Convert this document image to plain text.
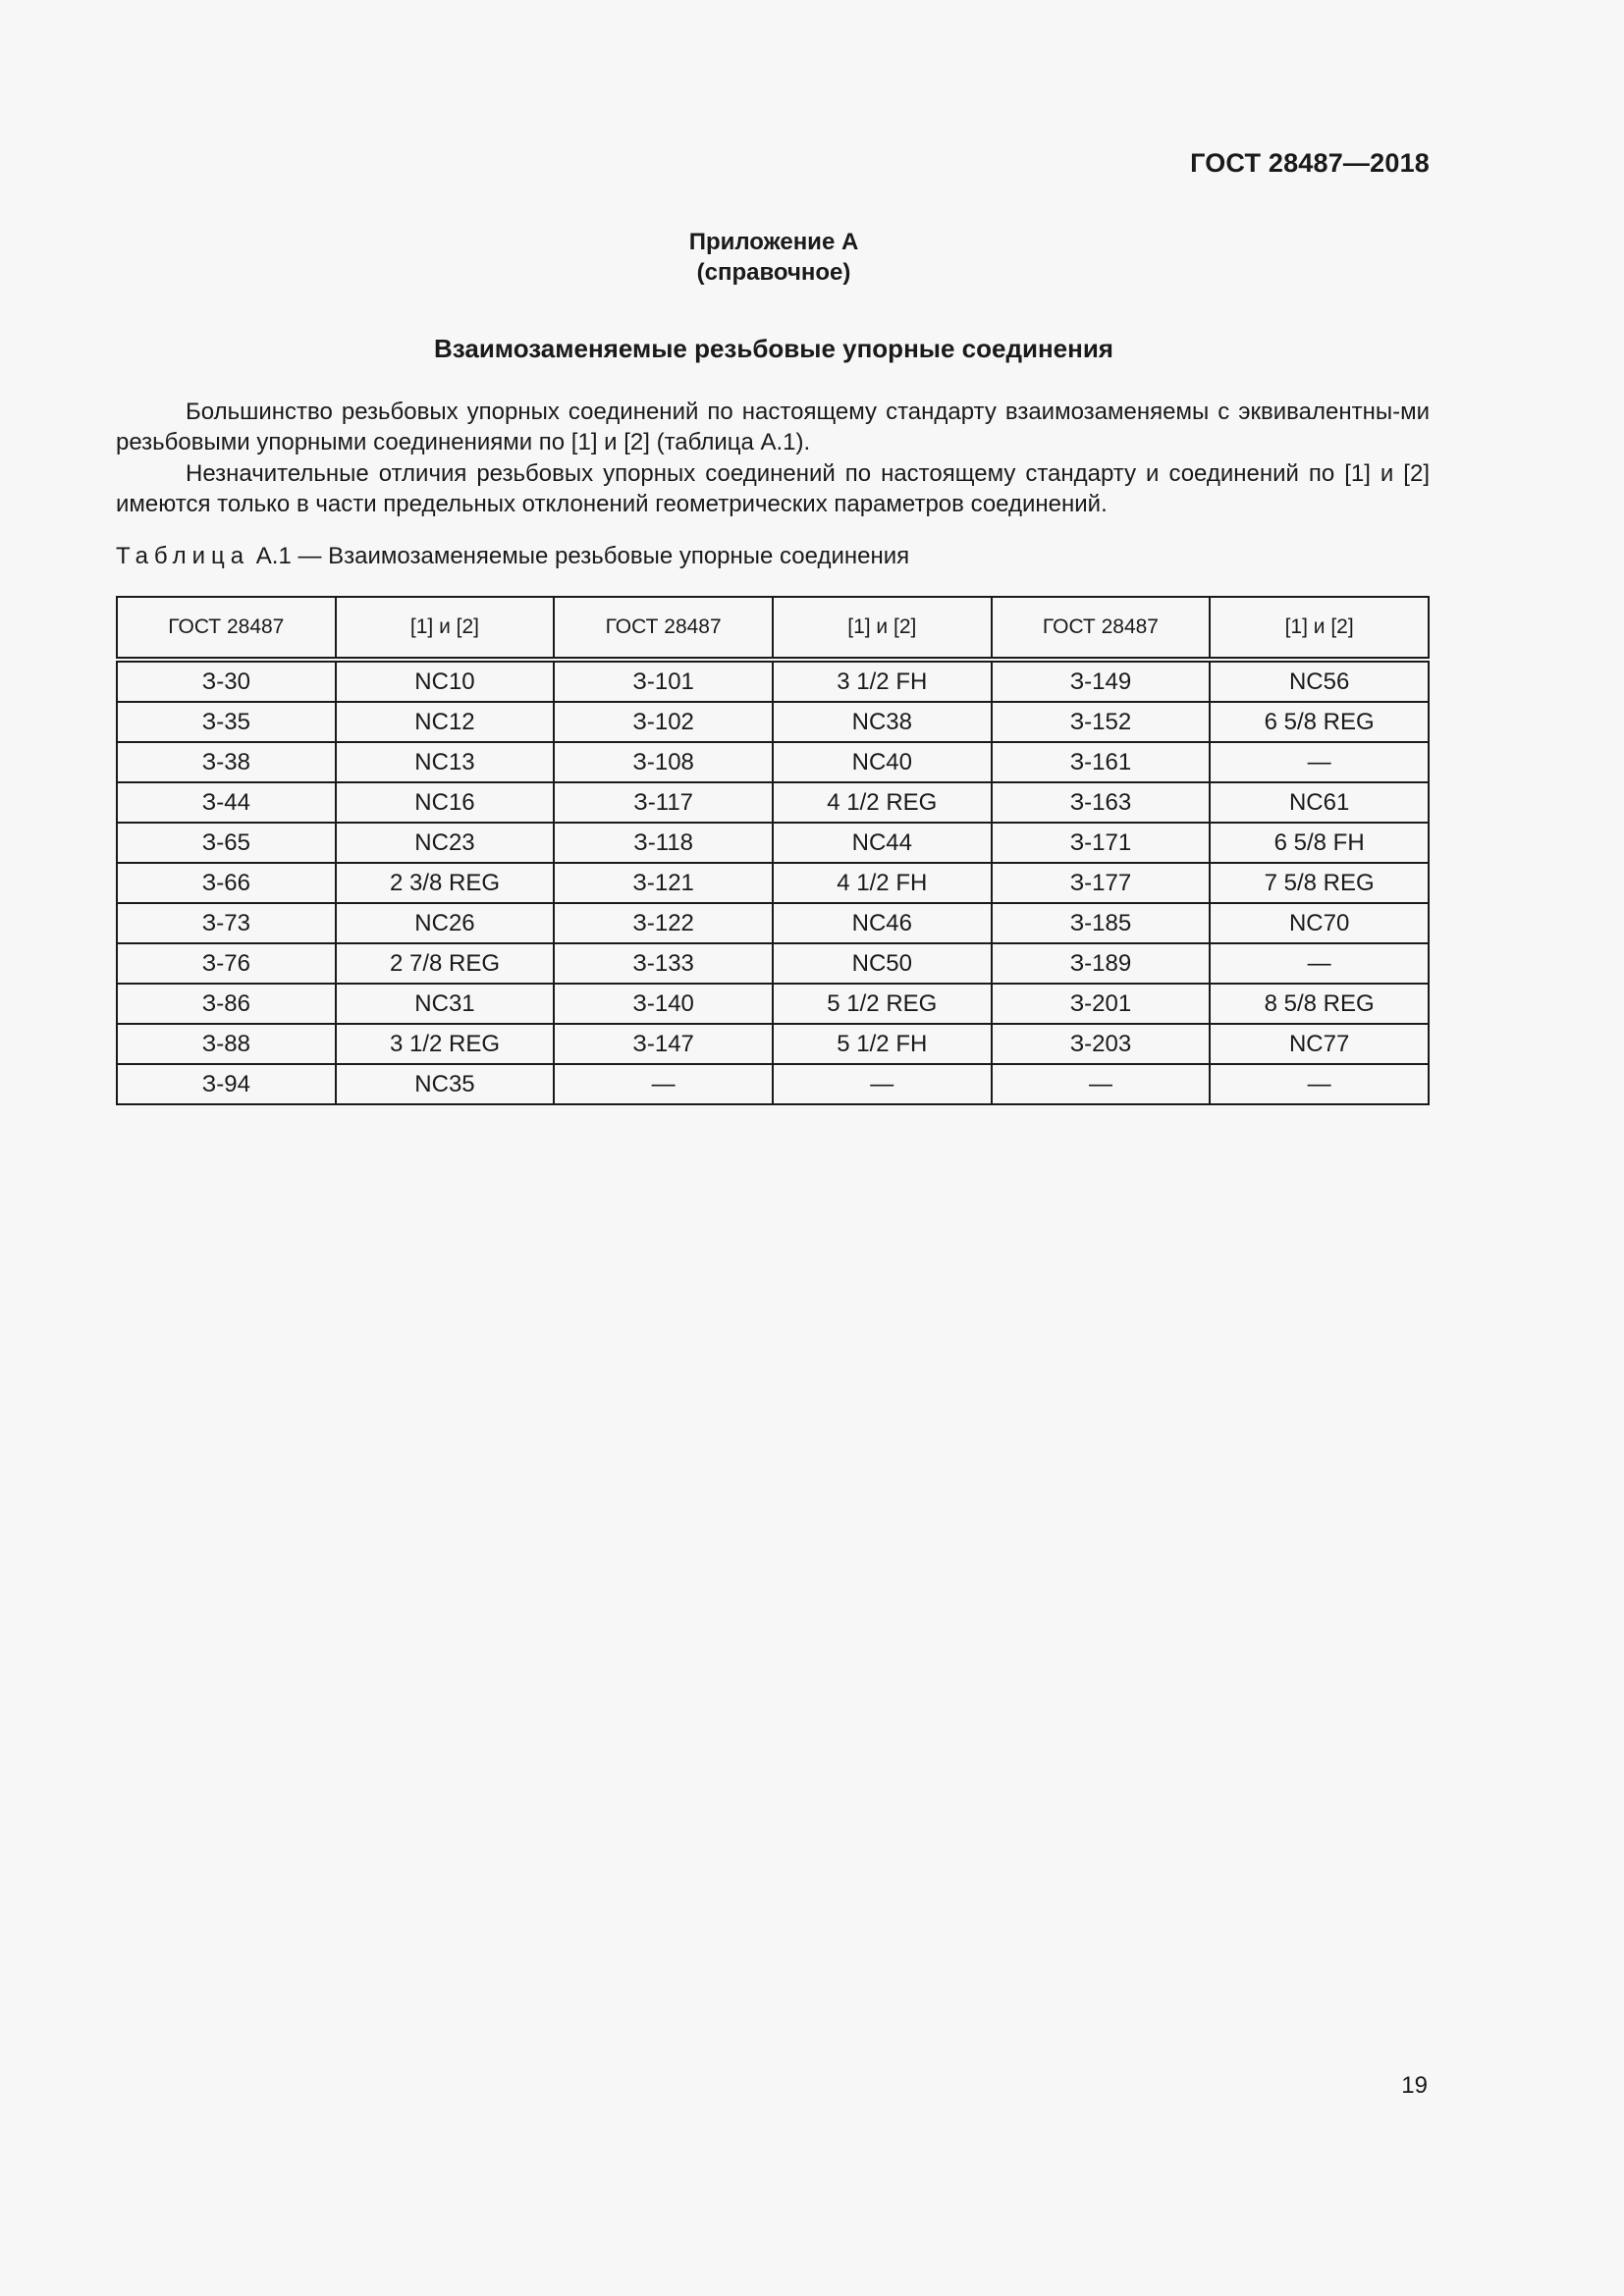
ГОСТ 28487—2018
Приложение А
(справочное)
Взаимозаменяемые резьбовые упорные соединения

Большинство резьбовых упорных соединений по настоящему стандарту взаимозаменяемы с эквивалентны-ми резьбовыми упорными соединениями по [1] и [2] (таблица А.1).

Незначительные отличия резьбовых упорных соединений по настоящему стандарту и соединений по [1] и [2] имеются только в части предельных отклонений геометрических параметров соединений.

Таблица А.1 — Взаимозаменяемые резьбовые упорные соединения
ГОСТ 28487	[1] и [2]	ГОСТ 28487	[1] и [2]	ГОСТ 28487	[1] и [2]
З-30	NC10	З-101	3 1/2 FH	З-149	NC56
З-35	NC12	З-102	NC38	З-152	6 5/8 REG
З-38	NC13	З-108	NC40	З-161	—
З-44	NC16	З-117	4 1/2 REG	З-163	NC61
З-65	NC23	З-118	NC44	З-171	6 5/8 FH
З-66	2 3/8 REG	З-121	4 1/2 FH	З-177	7 5/8 REG
З-73	NC26	З-122	NC46	З-185	NC70
З-76	2 7/8 REG	З-133	NC50	З-189	—
З-86	NC31	З-140	5 1/2 REG	З-201	8 5/8 REG
З-88	3 1/2 REG	З-147	5 1/2 FH	З-203	NC77
З-94	NC35	—	—	—	—
19
